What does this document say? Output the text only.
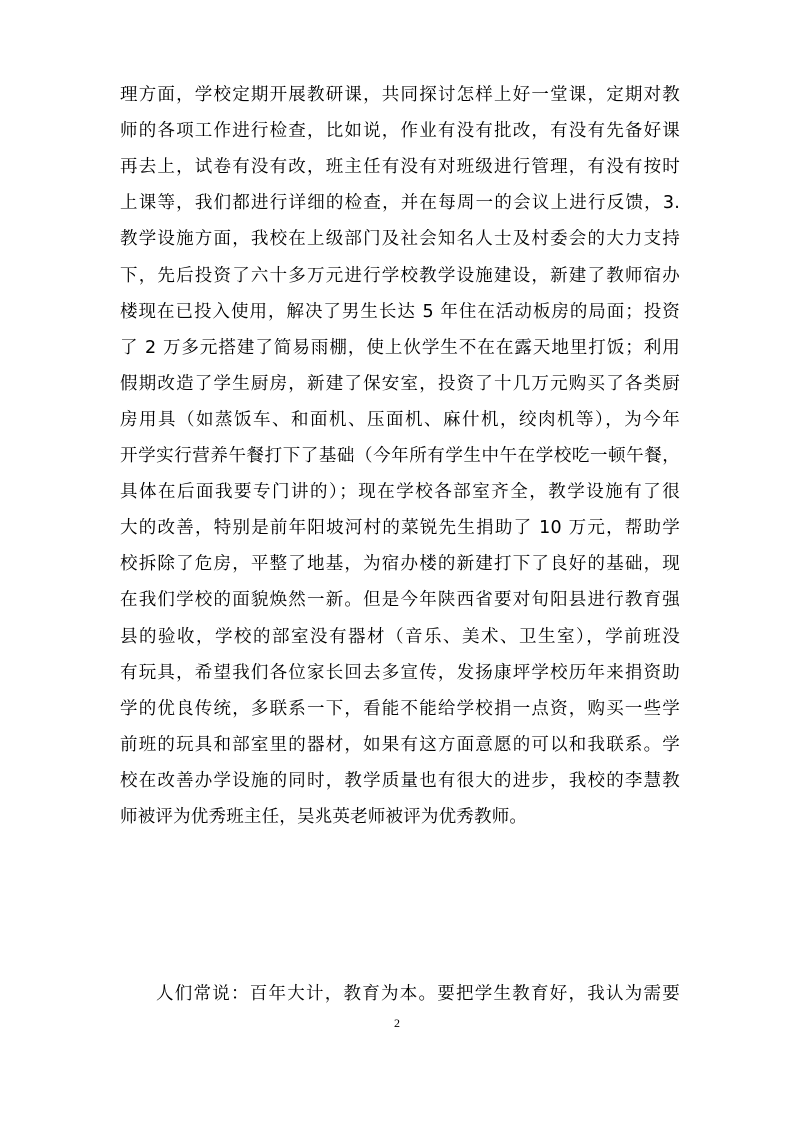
理方面，学校定期开展教研课，共同探讨怎样上好一堂课，定期对教
师的各项工作进行检查，比如说，作业有没有批改，有没有先备好课
再去上，试卷有没有改，班主任有没有对班级进行管理，有没有按时
上课等，我们都进行详细的检查，并在每周一的会议上进行反馈，3.
教学设施方面，我校在上级部门及社会知名人士及村委会的大力支持
下，先后投资了六十多万元进行学校教学设施建设，新建了教师宿办
楼现在已投入使用，解决了男生长达 5 年住在活动板房的局面；投资
了 2 万多元搭建了简易雨棚，使上伙学生不在在露天地里打饭；利用
假期改造了学生厨房，新建了保安室，投资了十几万元购买了各类厨
房用具（如蒸饭车、和面机、压面机、麻什机，绞肉机等），为今年
开学实行营养午餐打下了基础（今年所有学生中午在学校吃一顿午餐，
具体在后面我要专门讲的）；现在学校各部室齐全，教学设施有了很
大的改善，特别是前年阳坡河村的菜锐先生捐助了 10 万元，帮助学
校拆除了危房，平整了地基，为宿办楼的新建打下了良好的基础，现
在我们学校的面貌焕然一新。但是今年陕西省要对旬阳县进行教育强
县的验收，学校的部室没有器材（音乐、美术、卫生室），学前班没
有玩具，希望我们各位家长回去多宣传，发扬康坪学校历年来捐资助
学的优良传统，多联系一下，看能不能给学校捐一点资，购买一些学
前班的玩具和部室里的器材，如果有这方面意愿的可以和我联系。学
校在改善办学设施的同时，教学质量也有很大的进步，我校的李慧教
师被评为优秀班主任，吴兆英老师被评为优秀教师。
人们常说：百年大计，教育为本。要把学生教育好，我认为需要
2
